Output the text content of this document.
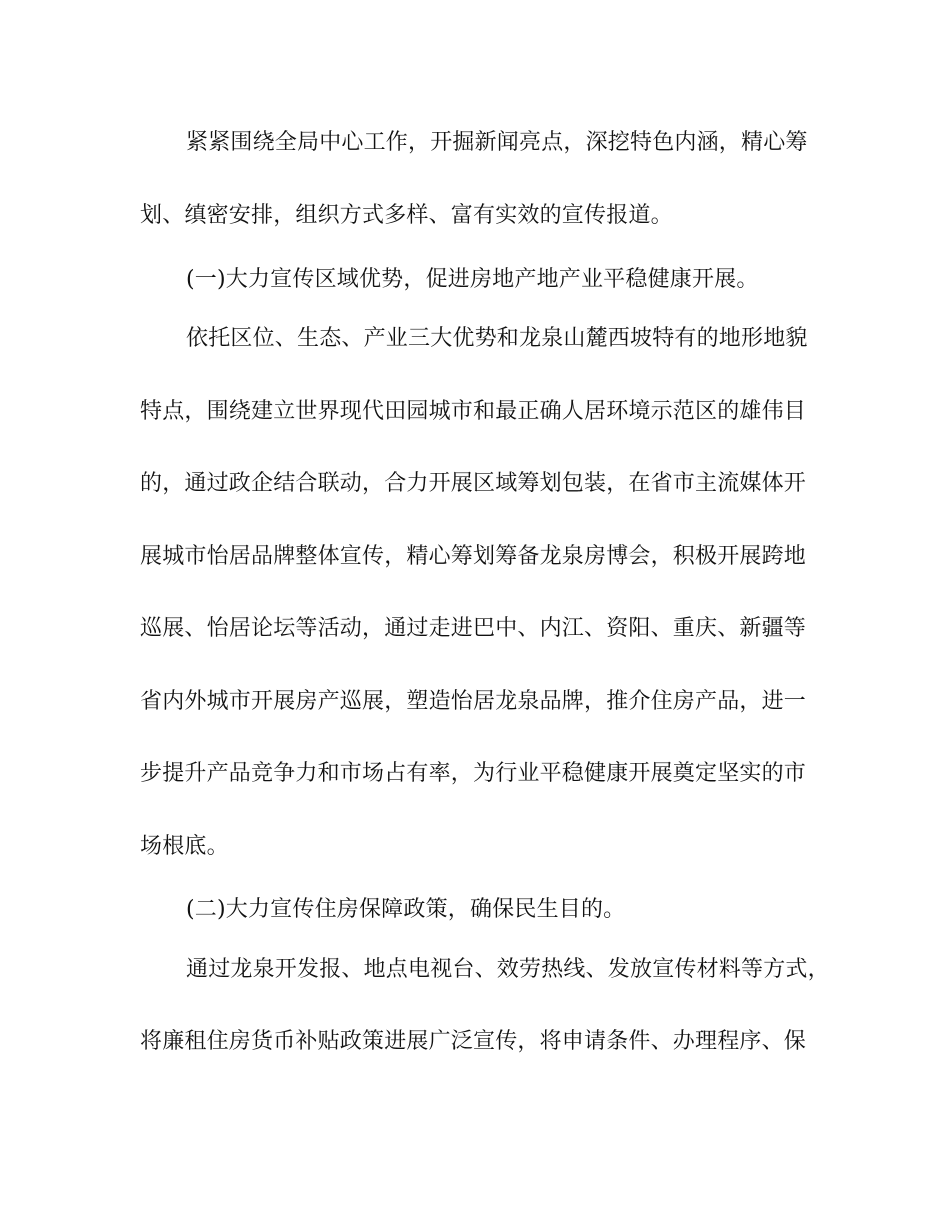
紧紧围绕全局中心工作，开掘新闻亮点，深挖特色内涵，精心筹

划、缜密安排，组织方式多样、富有实效的宣传报道。

(一)大力宣传区域优势，促进房地产地产业平稳健康开展。

依托区位、生态、产业三大优势和龙泉山麓西坡特有的地形地貌

特点，围绕建立世界现代田园城市和最正确人居环境示范区的雄伟目

的，通过政企结合联动，合力开展区域筹划包装，在省市主流媒体开

展城市怡居品牌整体宣传，精心筹划筹备龙泉房博会，积极开展跨地

巡展、怡居论坛等活动，通过走进巴中、内江、资阳、重庆、新疆等

省内外城市开展房产巡展，塑造怡居龙泉品牌，推介住房产品，进一

步提升产品竞争力和市场占有率，为行业平稳健康开展奠定坚实的市

场根底。

(二)大力宣传住房保障政策，确保民生目的。

通过龙泉开发报、地点电视台、效劳热线、发放宣传材料等方式，

将廉租住房货币补贴政策进展广泛宣传，将申请条件、办理程序、保
